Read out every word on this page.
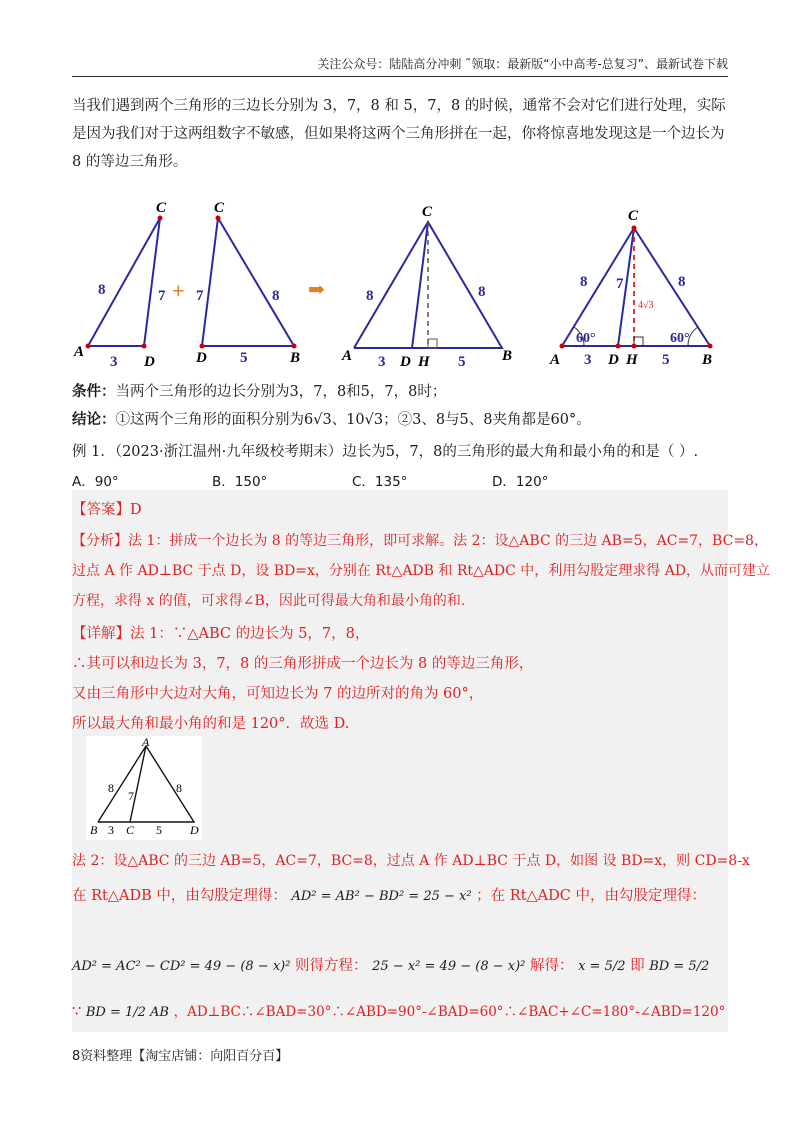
关注公众号：陆陆高分冲刺 ˜领取：最新版“小中高考-总复习”、最新试卷下载
当我们遇到两个三角形的三边长分别为 3，7，8 和 5，7，8 的时候，通常不会对它们进行处理，实际是因为我们对于这两组数字不敏感，但如果将这两个三角形拼在一起，你将惊喜地发现这是一个边长为 8 的等边三角形。
C
A
D
8	7
3
+
C
D	B
7	8
5
➡
C
A	D H	B
8	8
3	5
C
A	D H	B
8 7	8
4√3
60°	60°
3	5
条件：当两个三角形的边长分别为3，7，8和5，7，8时；
结论：①这两个三角形的面积分别为6√3、10√3；②3、8与5、8夹角都是60°。
例 1．（2023·浙江温州·九年级校考期末）边长为5，7，8的三角形的最大角和最小角的和是（ ）.
A．90°	B．150°	C．135°	D．120°
【答案】D
【分析】法 1：拼成一个边长为 8 的等边三角形，即可求解。法 2：设△ABC 的三边 AB=5，AC=7，BC=8，
过点 A 作 AD⊥BC 于点 D，设 BD=x，分别在 Rt△ADB 和 Rt△ADC 中，利用勾股定理求得 AD，从而可建立
方程，求得 x 的值，可求得∠B，因此可得最大角和最小角的和.
【详解】法 1：∵△ABC 的边长为 5，7，8，
∴其可以和边长为 3，7，8 的三角形拼成一个边长为 8 的等边三角形，
又由三角形中大边对大角，可知边长为 7 的边所对的角为 60°，
所以最大角和最小角的和是 120°．故选 D.
A
B C	D
8
7
8
3	5
法 2：设△ABC 的三边 AB=5，AC=7，BC=8，过点 A 作 AD⊥BC 于点 D，如图 设 BD=x，则 CD=8-x
在 Rt△ADB 中，由勾股定理得： AD² = AB² − BD² = 25 − x² ；在 Rt△ADC 中，由勾股定理得：
AD² = AC² − CD² = 49 − (8 − x)² 则得方程： 25 − x² = 49 − (8 − x)² 解得： x = 5/2 即 BD = 5/2
∵ BD = 1/2 AB ，AD⊥BC∴∠BAD=30°∴∠ABD=90°-∠BAD=60°∴∠BAC+∠C=180°-∠ABD=120°
8资料整理【淘宝店铺：向阳百分百】
